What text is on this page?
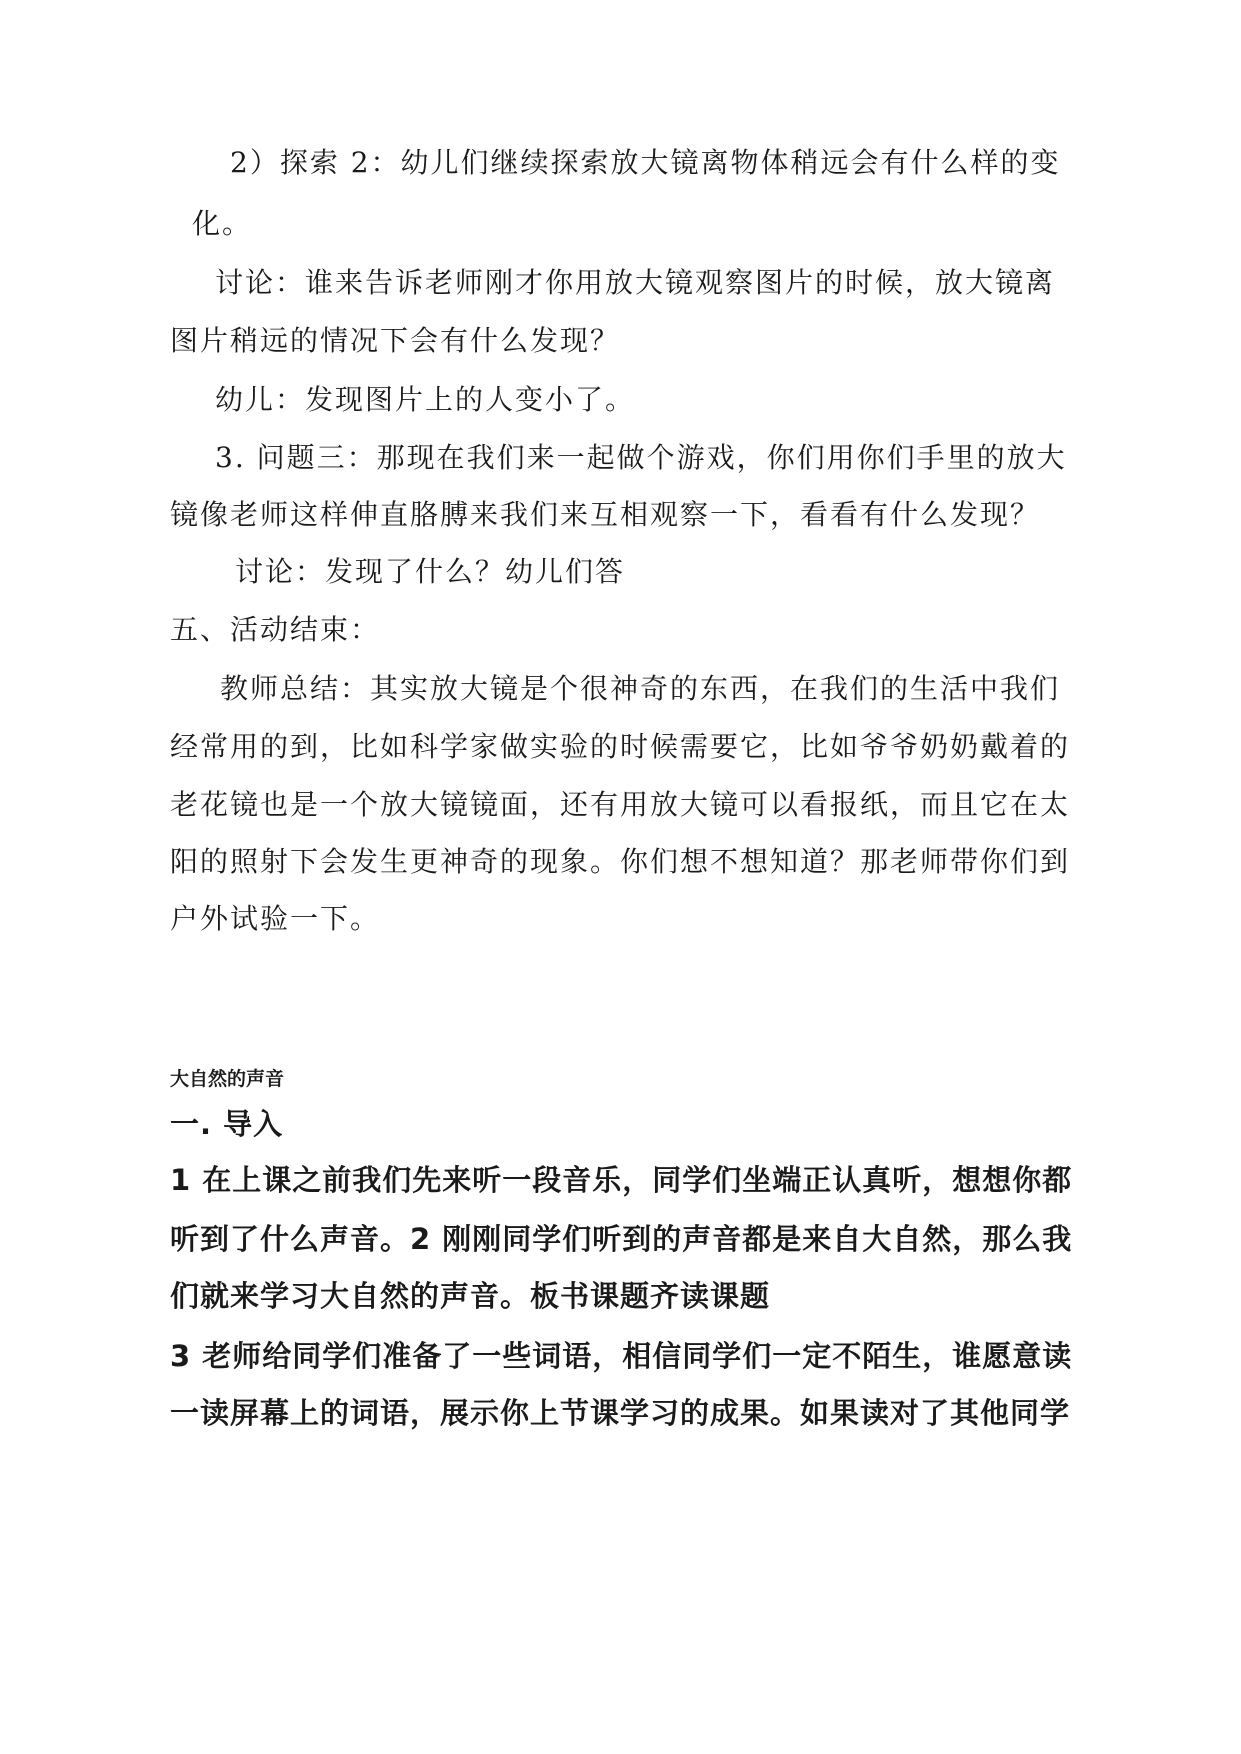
2）探索 2：幼儿们继续探索放大镜离物体稍远会有什么样的变
化。
讨论：谁来告诉老师刚才你用放大镜观察图片的时候，放大镜离
图片稍远的情况下会有什么发现？
幼儿：发现图片上的人变小了。
3. 问题三：那现在我们来一起做个游戏，你们用你们手里的放大
镜像老师这样伸直胳膊来我们来互相观察一下，看看有什么发现？
讨论：发现了什么？幼儿们答
五、活动结束：
教师总结：其实放大镜是个很神奇的东西，在我们的生活中我们
经常用的到，比如科学家做实验的时候需要它，比如爷爷奶奶戴着的
老花镜也是一个放大镜镜面，还有用放大镜可以看报纸，而且它在太
阳的照射下会发生更神奇的现象。你们想不想知道？那老师带你们到
户外试验一下。
大自然的声音
一. 导入
1 在上课之前我们先来听一段音乐，同学们坐端正认真听，想想你都
听到了什么声音。2 刚刚同学们听到的声音都是来自大自然，那么我
们就来学习大自然的声音。板书课题齐读课题
3 老师给同学们准备了一些词语，相信同学们一定不陌生，谁愿意读
一读屏幕上的词语，展示你上节课学习的成果。如果读对了其他同学
